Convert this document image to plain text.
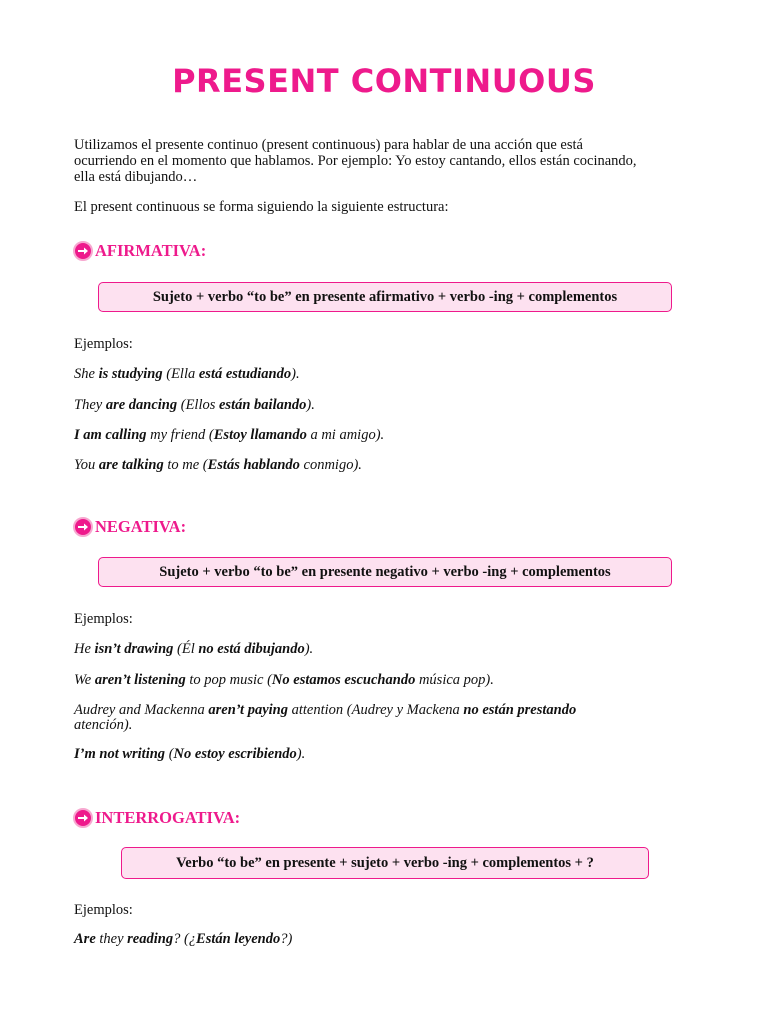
PRESENT CONTINUOUS
Utilizamos el presente continuo (present continuous) para hablar de una acción que está
ocurriendo en el momento que hablamos. Por ejemplo: Yo estoy cantando, ellos están cocinando,
ella está dibujando…
El present continuous se forma siguiendo la siguiente estructura:
AFIRMATIVA:
Sujeto + verbo “to be” en presente afirmativo + verbo -ing + complementos
Ejemplos:
She is studying (Ella está estudiando).
They are dancing (Ellos están bailando).
I am calling my friend (Estoy llamando a mi amigo).
You are talking to me (Estás hablando conmigo).
NEGATIVA:
Sujeto + verbo “to be” en presente negativo + verbo -ing + complementos
Ejemplos:
He isn’t drawing (Él no está dibujando).
We aren’t listening to pop music (No estamos escuchando música pop).
Audrey and Mackenna aren’t paying attention (Audrey y Mackena no están prestando
atención).
I’m not writing (No estoy escribiendo).
INTERROGATIVA:
Verbo “to be” en presente + sujeto + verbo -ing + complementos + ?
Ejemplos:
Are they reading? (¿Están leyendo?)
